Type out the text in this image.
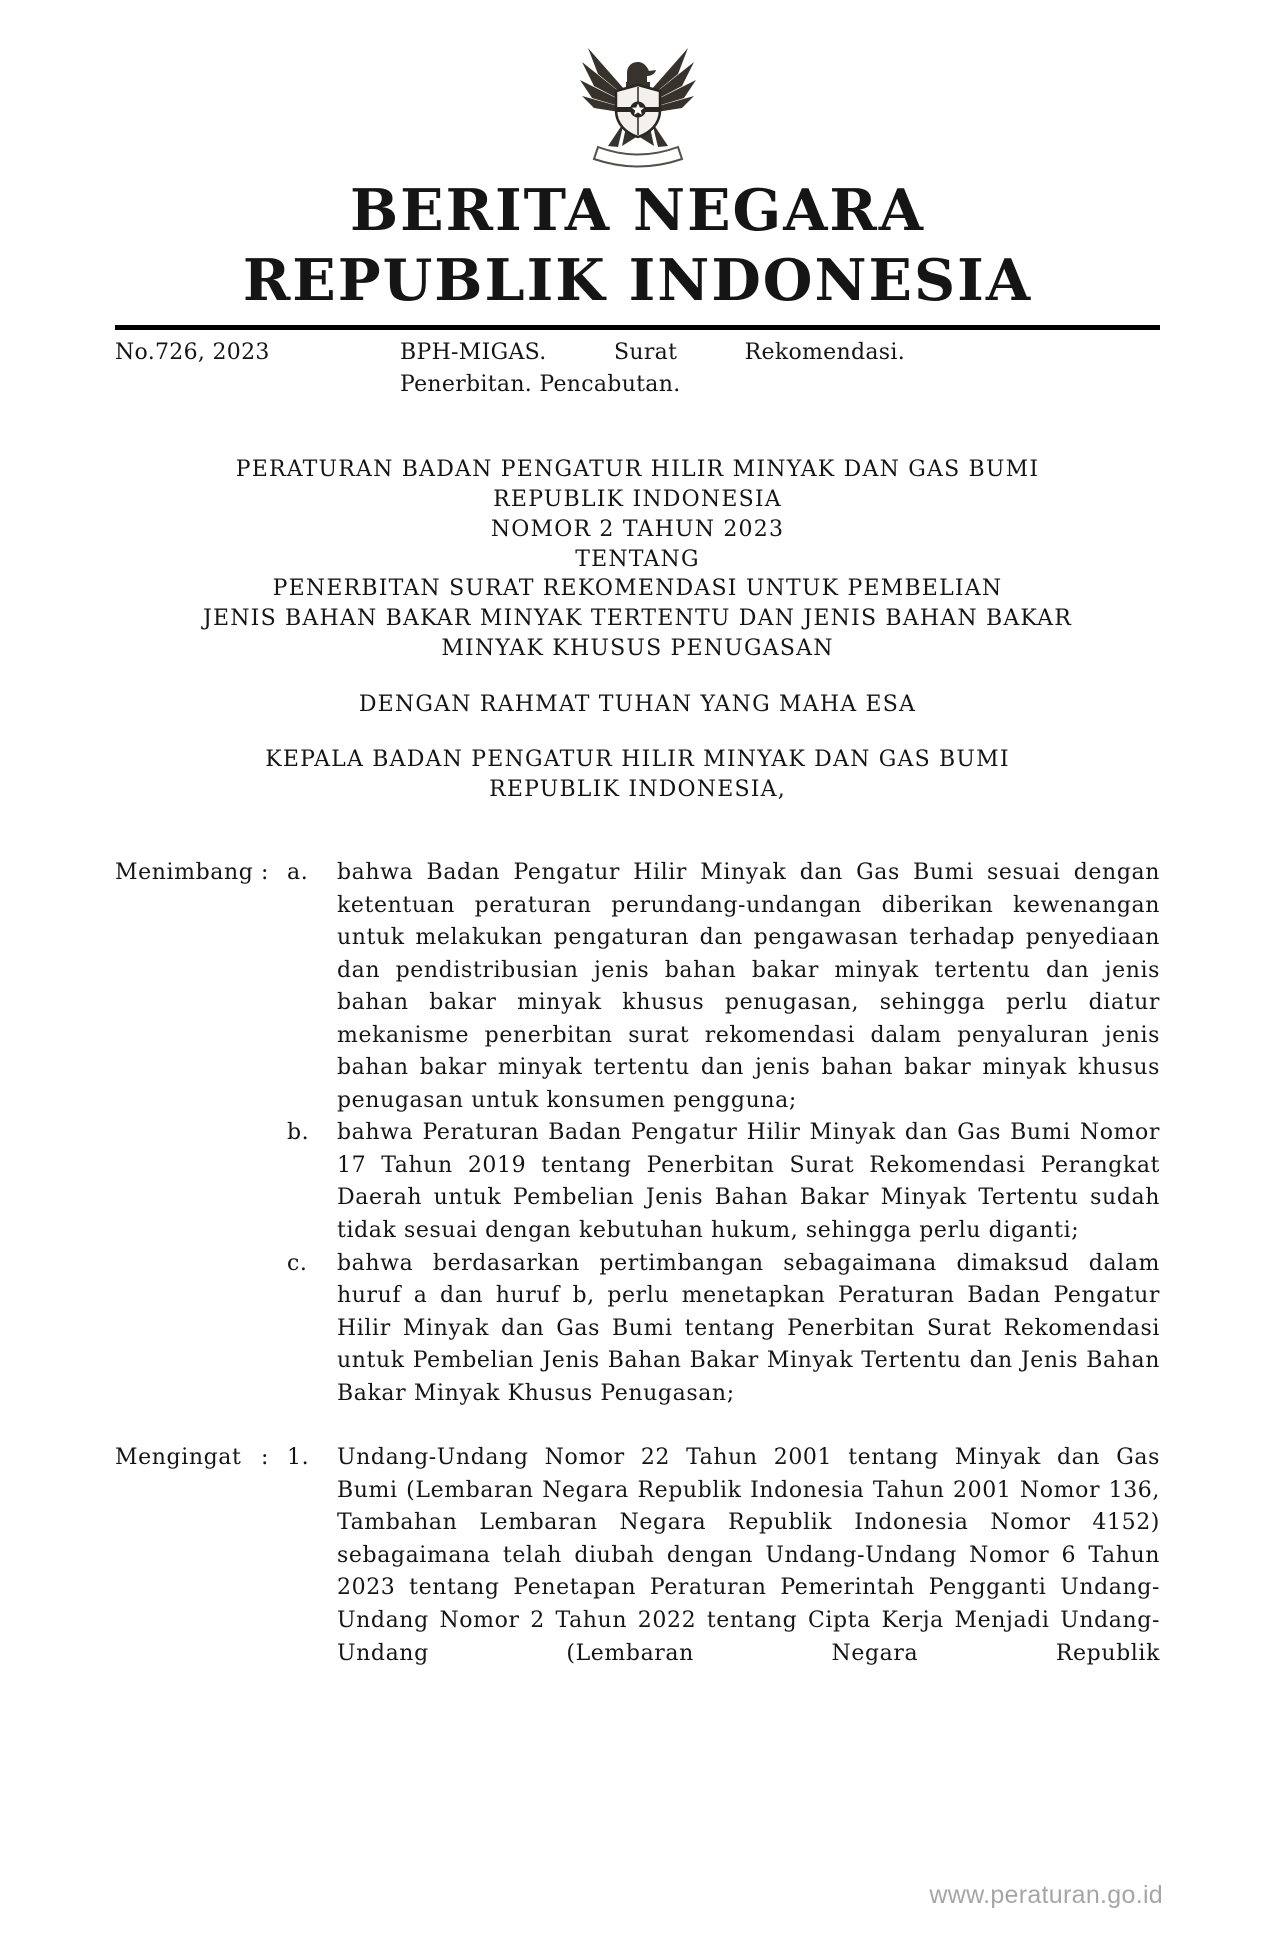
BERITA NEGARA
REPUBLIK INDONESIA
No.726, 2023	BPH-MIGAS. Surat Rekomendasi. Penerbitan. Pencabutan.
PERATURAN BADAN PENGATUR HILIR MINYAK DAN GAS BUMI
REPUBLIK INDONESIA
NOMOR 2 TAHUN 2023
TENTANG
PENERBITAN SURAT REKOMENDASI UNTUK PEMBELIAN
JENIS BAHAN BAKAR MINYAK TERTENTU DAN JENIS BAHAN BAKAR
MINYAK KHUSUS PENUGASAN
DENGAN RAHMAT TUHAN YANG MAHA ESA
KEPALA BADAN PENGATUR HILIR MINYAK DAN GAS BUMI
REPUBLIK INDONESIA,
Menimbang : a.	bahwa Badan Pengatur Hilir Minyak dan Gas Bumi sesuai dengan ketentuan peraturan perundang-undangan diberikan kewenangan untuk melakukan pengaturan dan pengawasan terhadap penyediaan dan pendistribusian jenis bahan bakar minyak tertentu dan jenis bahan bakar minyak khusus penugasan, sehingga perlu diatur mekanisme penerbitan surat rekomendasi dalam penyaluran jenis bahan bakar minyak tertentu dan jenis bahan bakar minyak khusus penugasan untuk konsumen pengguna;
b.	bahwa Peraturan Badan Pengatur Hilir Minyak dan Gas Bumi Nomor 17 Tahun 2019 tentang Penerbitan Surat Rekomendasi Perangkat Daerah untuk Pembelian Jenis Bahan Bakar Minyak Tertentu sudah tidak sesuai dengan kebutuhan hukum, sehingga perlu diganti;
c.	bahwa berdasarkan pertimbangan sebagaimana dimaksud dalam huruf a dan huruf b, perlu menetapkan Peraturan Badan Pengatur Hilir Minyak dan Gas Bumi tentang Penerbitan Surat Rekomendasi untuk Pembelian Jenis Bahan Bakar Minyak Tertentu dan Jenis Bahan Bakar Minyak Khusus Penugasan;
Mengingat : 1.	Undang-Undang Nomor 22 Tahun 2001 tentang Minyak dan Gas Bumi (Lembaran Negara Republik Indonesia Tahun 2001 Nomor 136, Tambahan Lembaran Negara Republik Indonesia Nomor 4152) sebagaimana telah diubah dengan Undang-Undang Nomor 6 Tahun 2023 tentang Penetapan Peraturan Pemerintah Pengganti Undang-Undang Nomor 2 Tahun 2022 tentang Cipta Kerja Menjadi Undang-Undang (Lembaran Negara Republik
www.peraturan.go.id
